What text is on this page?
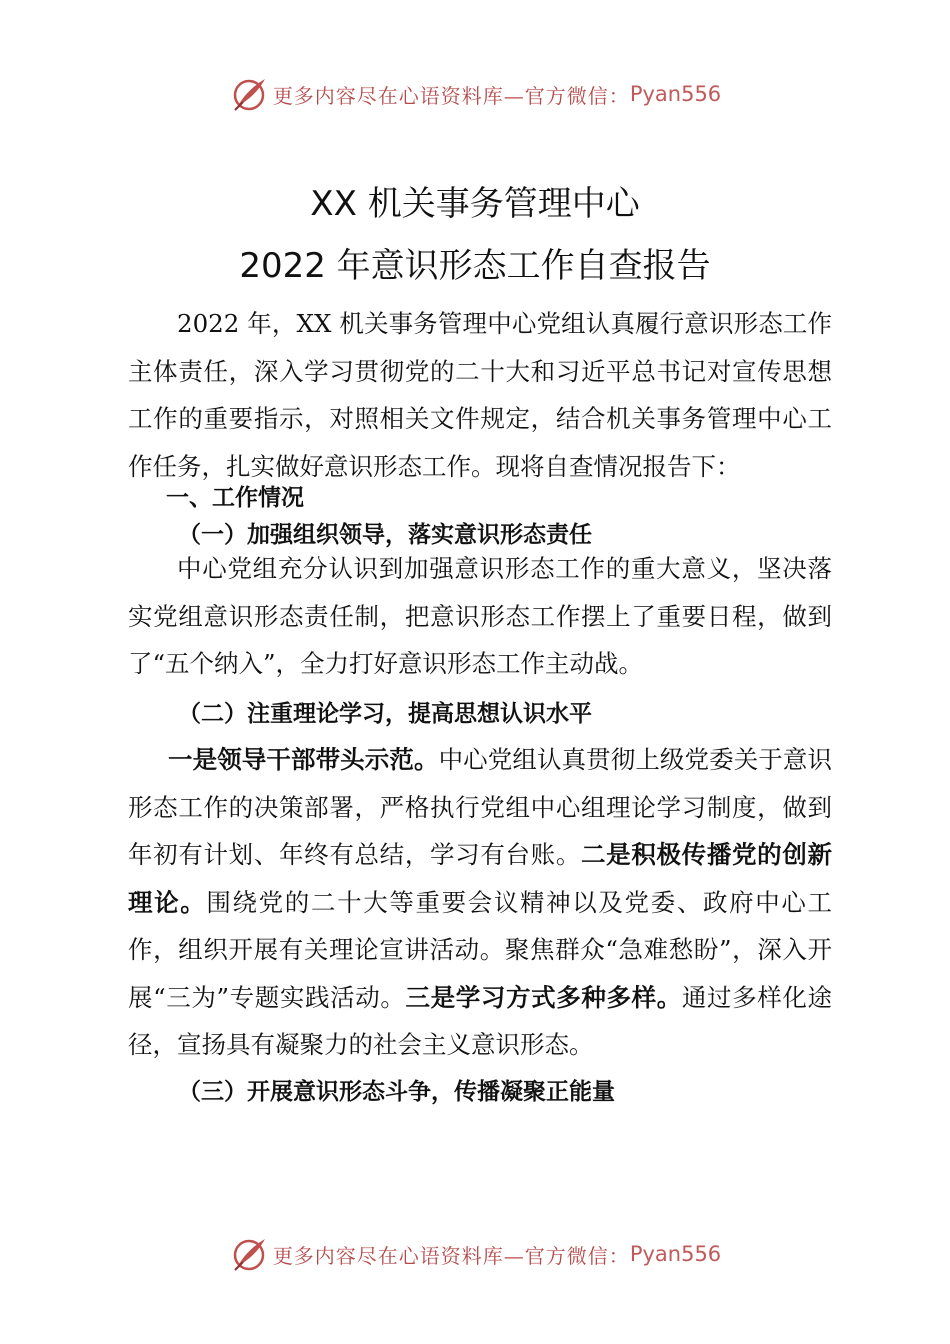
更多内容尽在心语资料库—官方微信： Pyan556
XX 机关事务管理中心
2022 年意识形态工作自查报告

2022 年，XX 机关事务管理中心党组认真履行意识形态工作主体责任，深入学习贯彻党的二十大和习近平总书记对宣传思想工作的重要指示，对照相关文件规定，结合机关事务管理中心工作任务，扎实做好意识形态工作。现将自查情况报告下：

一、工作情况
（一）加强组织领导，落实意识形态责任

中心党组充分认识到加强意识形态工作的重大意义，坚决落实党组意识形态责任制，把意识形态工作摆上了重要日程，做到了“五个纳入”，全力打好意识形态工作主动战。

（二）注重理论学习，提高思想认识水平

一是领导干部带头示范。中心党组认真贯彻上级党委关于意识形态工作的决策部署，严格执行党组中心组理论学习制度，做到年初有计划、年终有总结，学习有台账。二是积极传播党的创新理论。围绕党的二十大等重要会议精神以及党委、政府中心工作，组织开展有关理论宣讲活动。聚焦群众“急难愁盼”，深入开展“三为”专题实践活动。三是学习方式多种多样。通过多样化途径，宣扬具有凝聚力的社会主义意识形态。

（三）开展意识形态斗争，传播凝聚正能量
更多内容尽在心语资料库—官方微信： Pyan556
